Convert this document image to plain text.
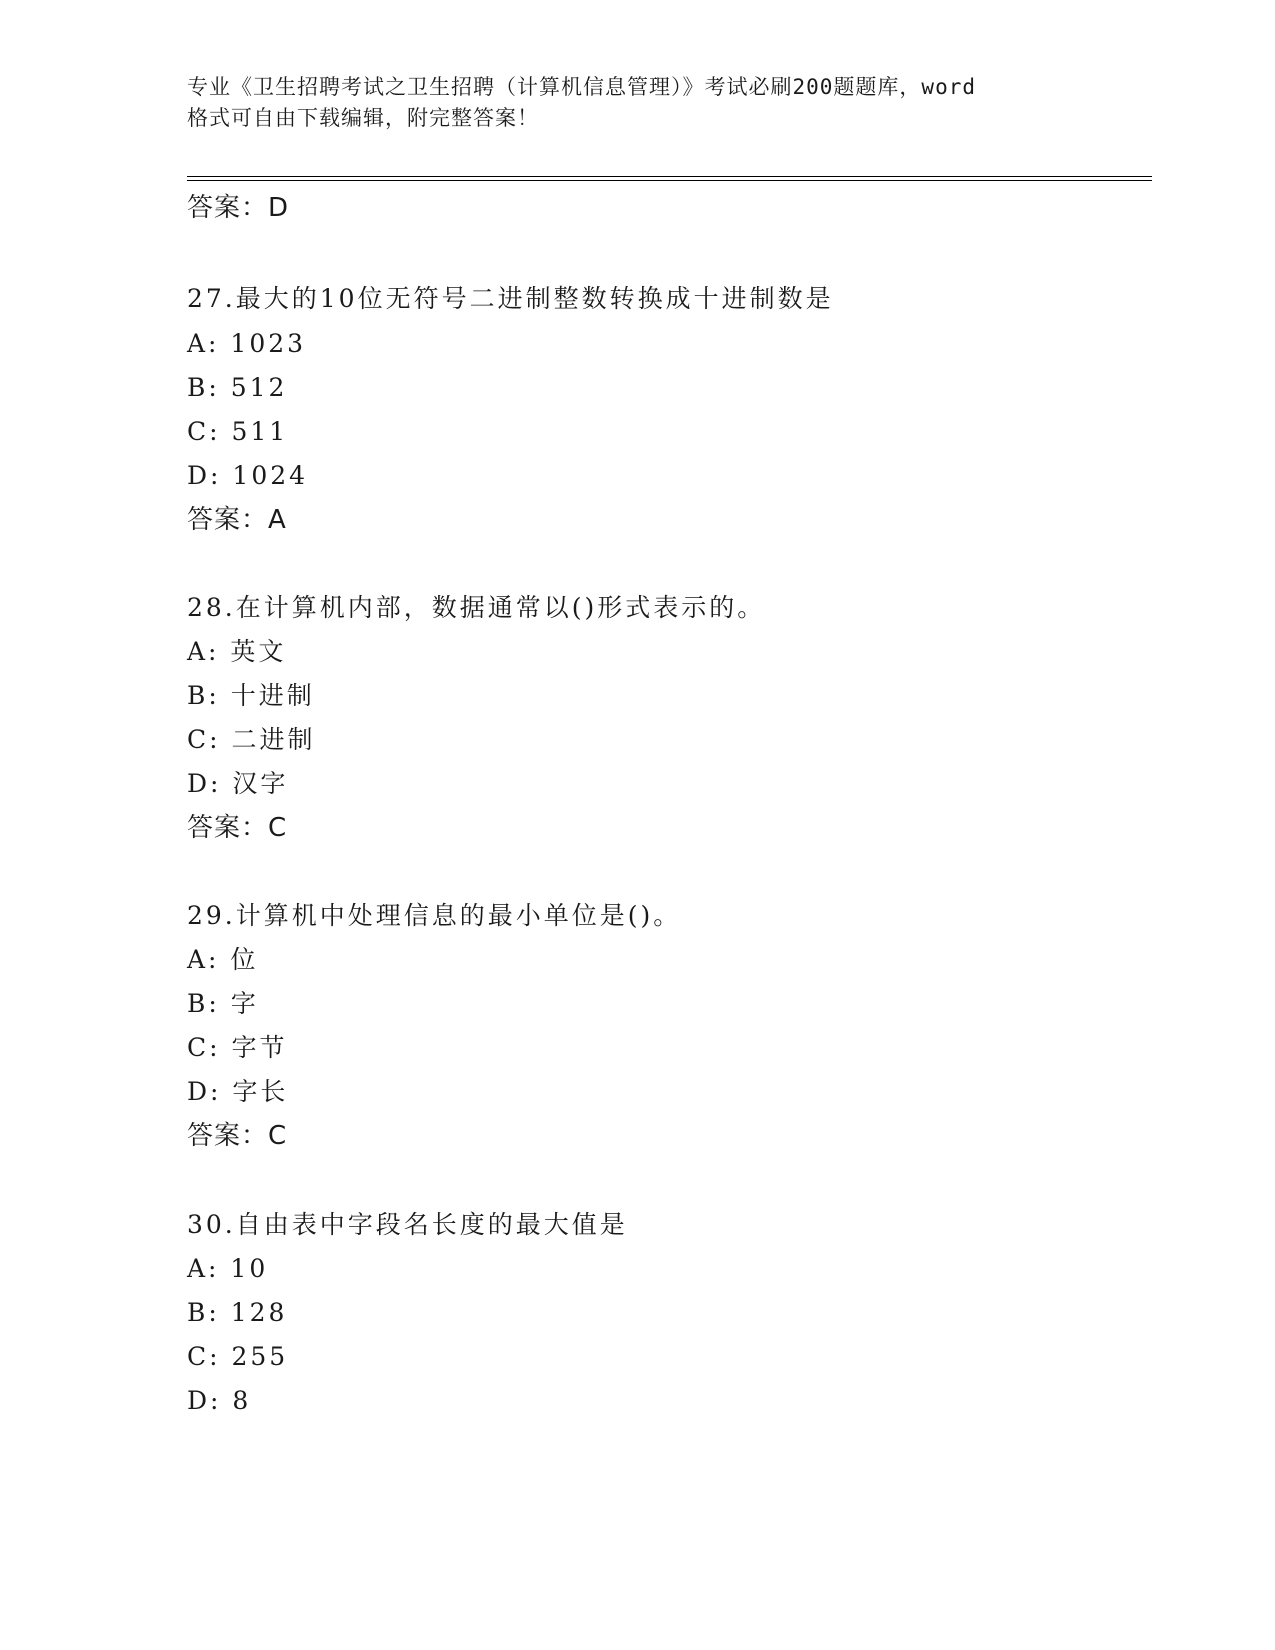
专业《卫生招聘考试之卫生招聘（计算机信息管理）》考试必刷200题题库，word
格式可自由下载编辑，附完整答案！
答案：D
27.最大的10位无符号二进制整数转换成十进制数是
A: 1023
B: 512
C: 511
D: 1024
答案：A
28.在计算机内部，数据通常以()形式表示的。
A: 英文
B: 十进制
C: 二进制
D: 汉字
答案：C
29.计算机中处理信息的最小单位是()。
A: 位
B: 字
C: 字节
D: 字长
答案：C
30.自由表中字段名长度的最大值是
A: 10
B: 128
C: 255
D: 8
